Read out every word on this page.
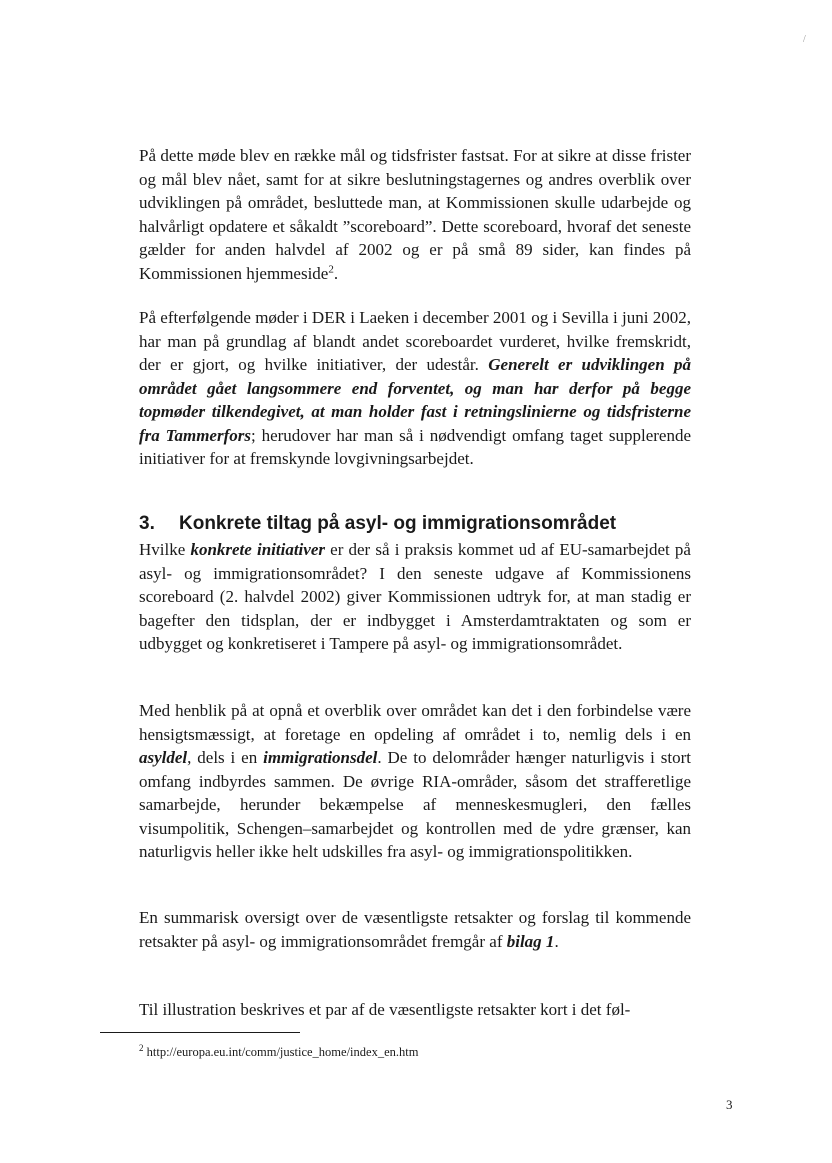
/

På dette møde blev en række mål og tidsfrister fastsat. For at sikre at disse frister og mål blev nået, samt for at sikre beslutningstagernes og andres overblik over udviklingen på området, besluttede man, at Kommissionen skulle udarbejde og halvårligt opdatere et såkaldt ”scoreboard”. Dette scoreboard, hvoraf det seneste gælder for anden halvdel af 2002 og er på små 89 sider, kan findes på Kommissionen hjemmeside$^2$.

På efterfølgende møder i DER i Laeken i december 2001 og i Sevilla i juni 2002, har man på grundlag af blandt andet scoreboardet vurderet, hvilke fremskridt, der er gjort, og hvilke initiativer, der udestår. Generelt er udviklingen på området gået langsommere end forventet, og man har derfor på begge topmøder tilkendegivet, at man holder fast i retningslinierne og tidsfristerne fra Tammerfors; herudover har man så i nødvendigt omfang taget supplerende initiativer for at fremskynde lovgivningsarbejdet.

3. Konkrete tiltag på asyl- og immigrationsområdet

Hvilke konkrete initiativer er der så i praksis kommet ud af EU-samarbejdet på asyl- og immigrationsområdet? I den seneste udgave af Kommissionens scoreboard (2. halvdel 2002) giver Kommissionen udtryk for, at man stadig er bagefter den tidsplan, der er indbygget i Amsterdamtraktaten og som er udbygget og konkretiseret i Tampere på asyl- og immigrationsområdet.

Med henblik på at opnå et overblik over området kan det i den forbindelse være hensigtsmæssigt, at foretage en opdeling af området i to, nemlig dels i en asyldel, dels i en immigrationsdel. De to delområder hænger naturligvis i stort omfang indbyrdes sammen. De øvrige RIA-områder, såsom det strafferetlige samarbejde, herunder bekæmpelse af menneskesmugleri, den fælles visumpolitik, Schengen–samarbejdet og kontrollen med de ydre grænser, kan naturligvis heller ikke helt udskilles fra asyl- og immigrationspolitikken.

En summarisk oversigt over de væsentligste retsakter og forslag til kommende retsakter på asyl- og immigrationsområdet fremgår af bilag 1.

Til illustration beskrives et par af de væsentligste retsakter kort i det føl-

$^2$ http://europa.eu.int/comm/justice_home/index_en.htm

3
